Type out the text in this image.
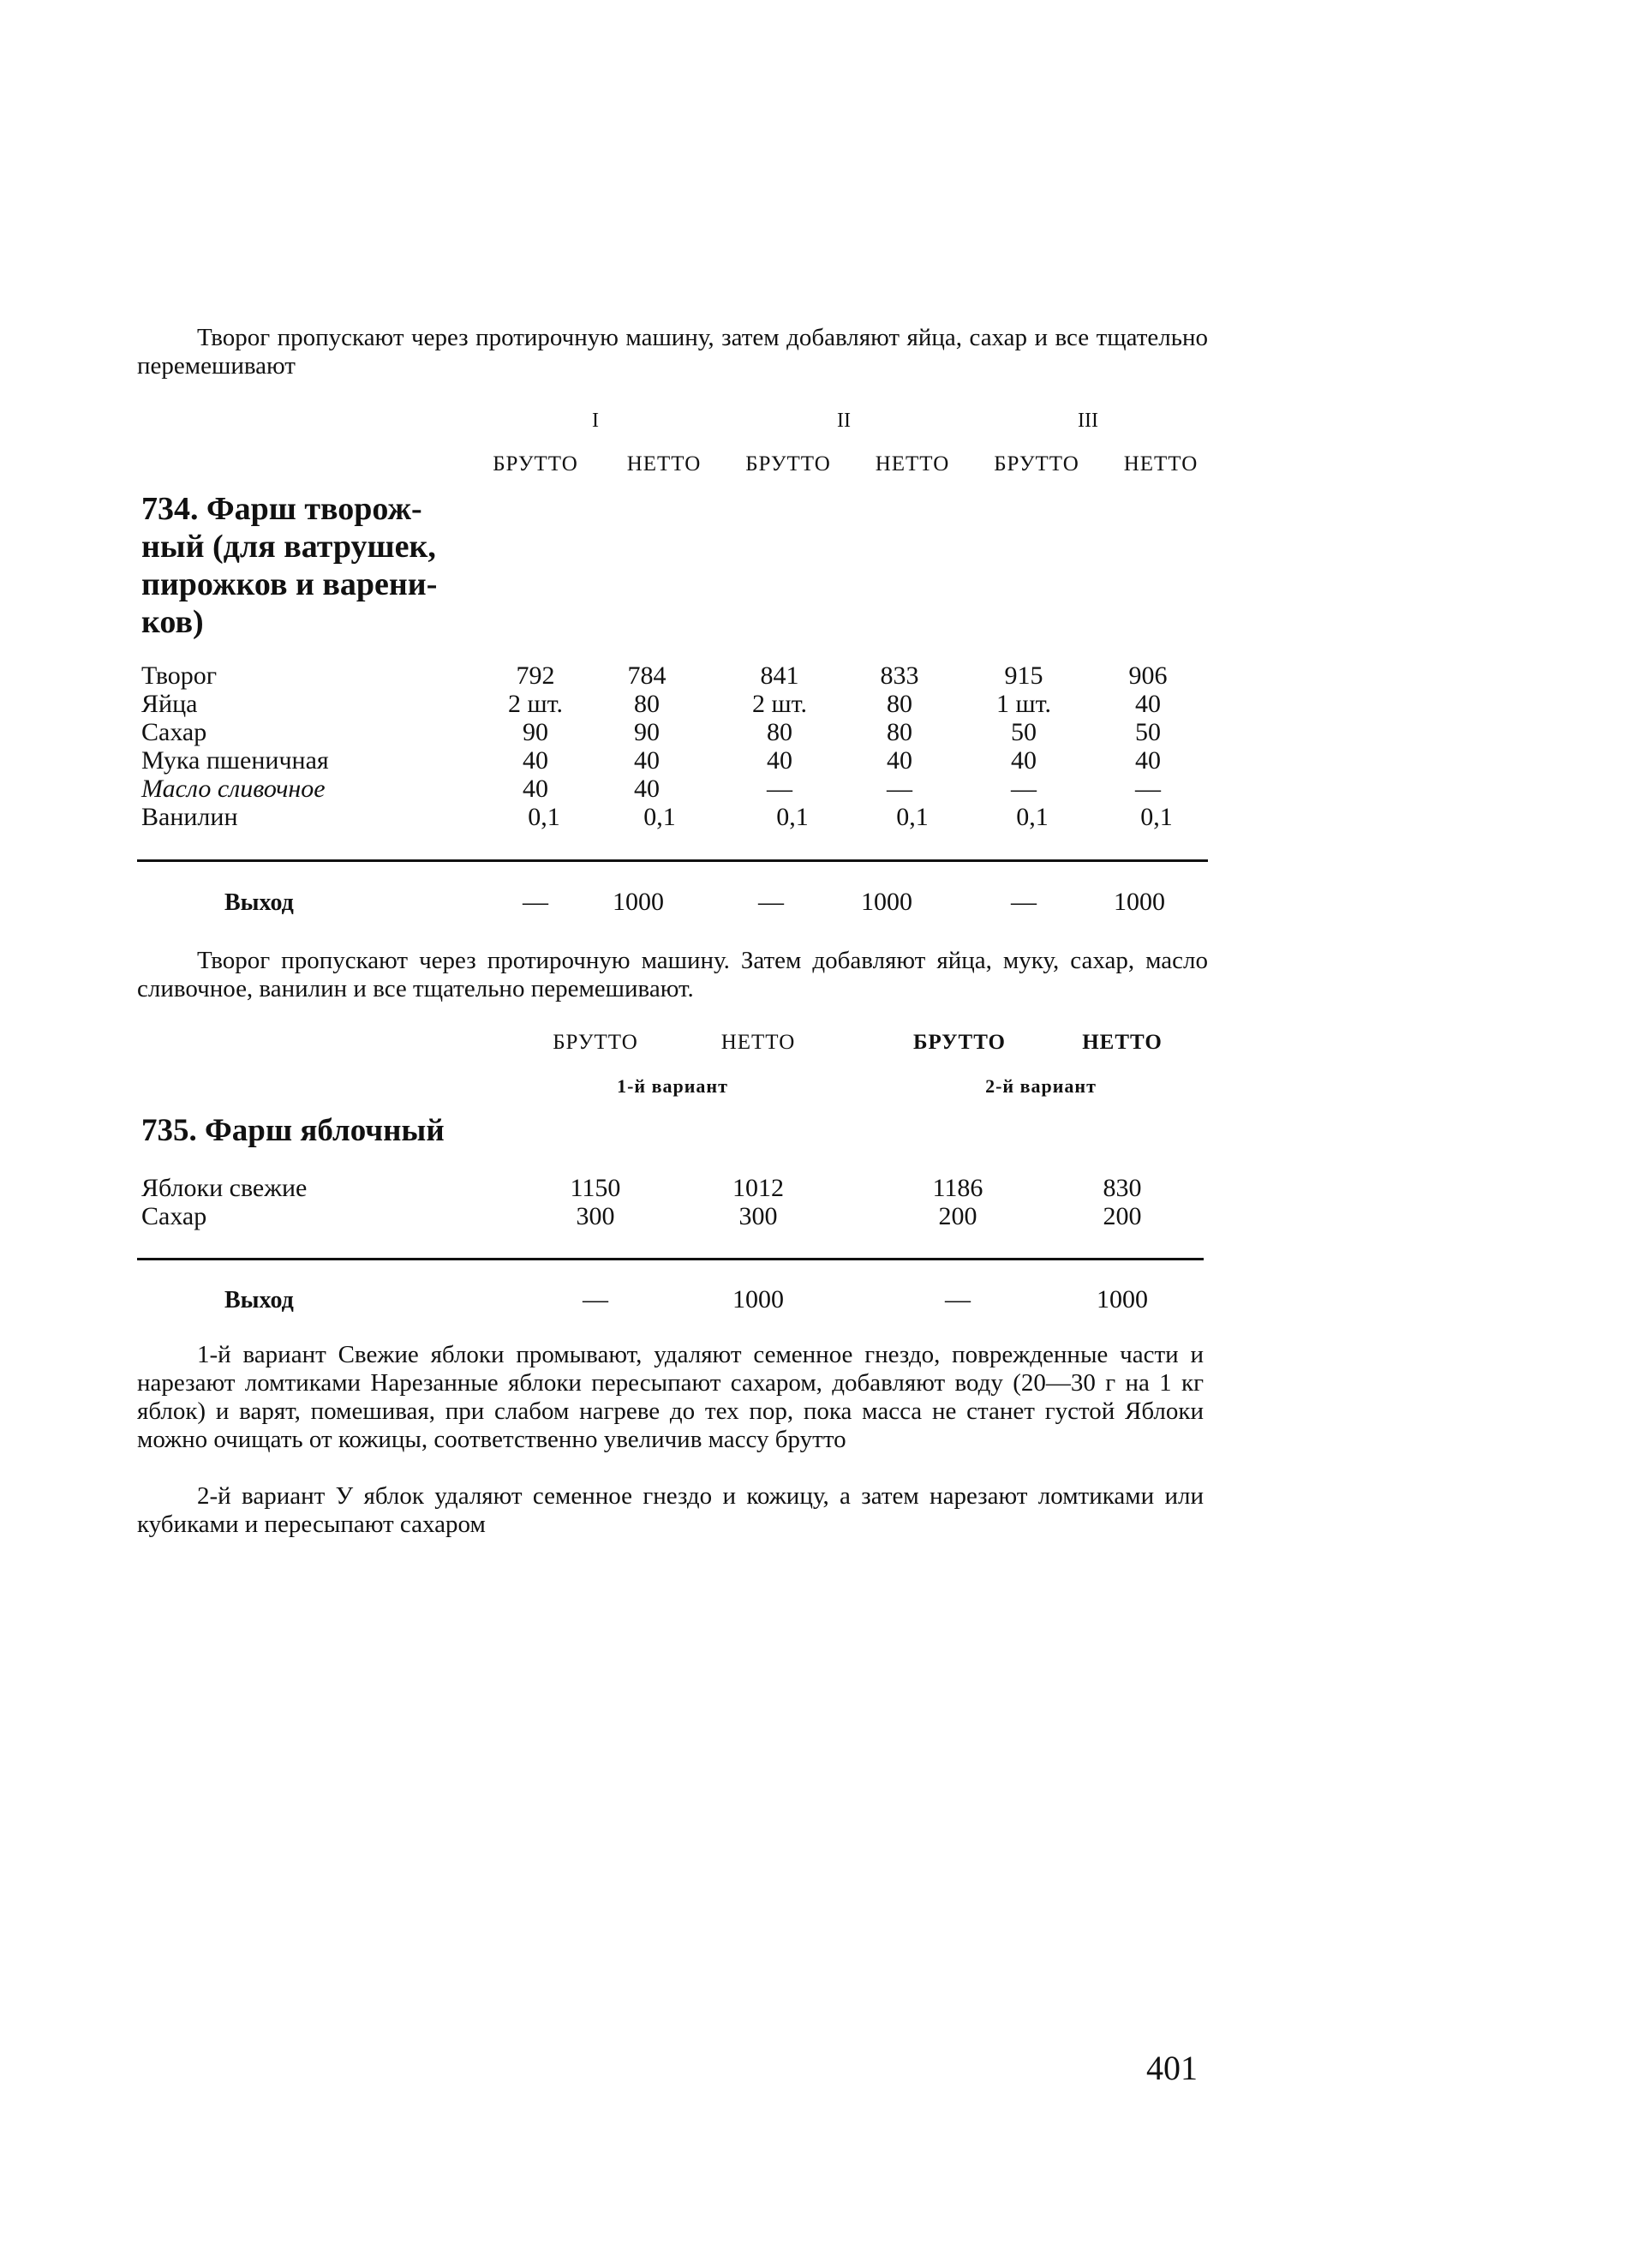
Творог пропускают через протирочную машину, затем добавляют яйца, сахар и все тщательно перемешивают
I	II	III
БРУТТО	НЕТТО	БРУТТО	НЕТТО	БРУТТО	НЕТТО
734. Фарш творож-
ный (для ватрушек,
пирожков и варени-
ков)
Творог	792	784	841	833	915	906
Яйца	2 шт.	80	2 шт.	80	1 шт.	40
Сахар	90	90	80	80	50	50
Мука пшеничная	40	40	40	40	40	40
Масло сливочное	40	40	—	—	—	—
Ванилин	0,1	0,1	0,1	0,1	0,1	0,1
Выход	—	1000	—	1000	—	1000
Творог пропускают через протирочную машину. Затем добавляют яйца, муку, сахар, масло сливочное, ванилин и все тщательно перемешивают.
БРУТТО	НЕТТО	БРУТТО	НЕТТО
1-й вариант	2-й вариант
735. Фарш яблочный
Яблоки свежие	1150	1012	1186	830
Сахар	300	300	200	200
Выход	—	1000	—	1000
1-й вариант Свежие яблоки промывают, удаляют семенное гнездо, поврежденные части и нарезают ломтиками Нарезанные яблоки пересыпают сахаром, добавляют воду (20—30 г на 1 кг яблок) и варят, помешивая, при слабом нагреве до тех пор, пока масса не станет густой Яблоки можно очищать от кожицы, соответственно увеличив массу брутто
2-й вариант У яблок удаляют семенное гнездо и кожицу, а затем нарезают ломтиками или кубиками и пересыпают сахаром
401
